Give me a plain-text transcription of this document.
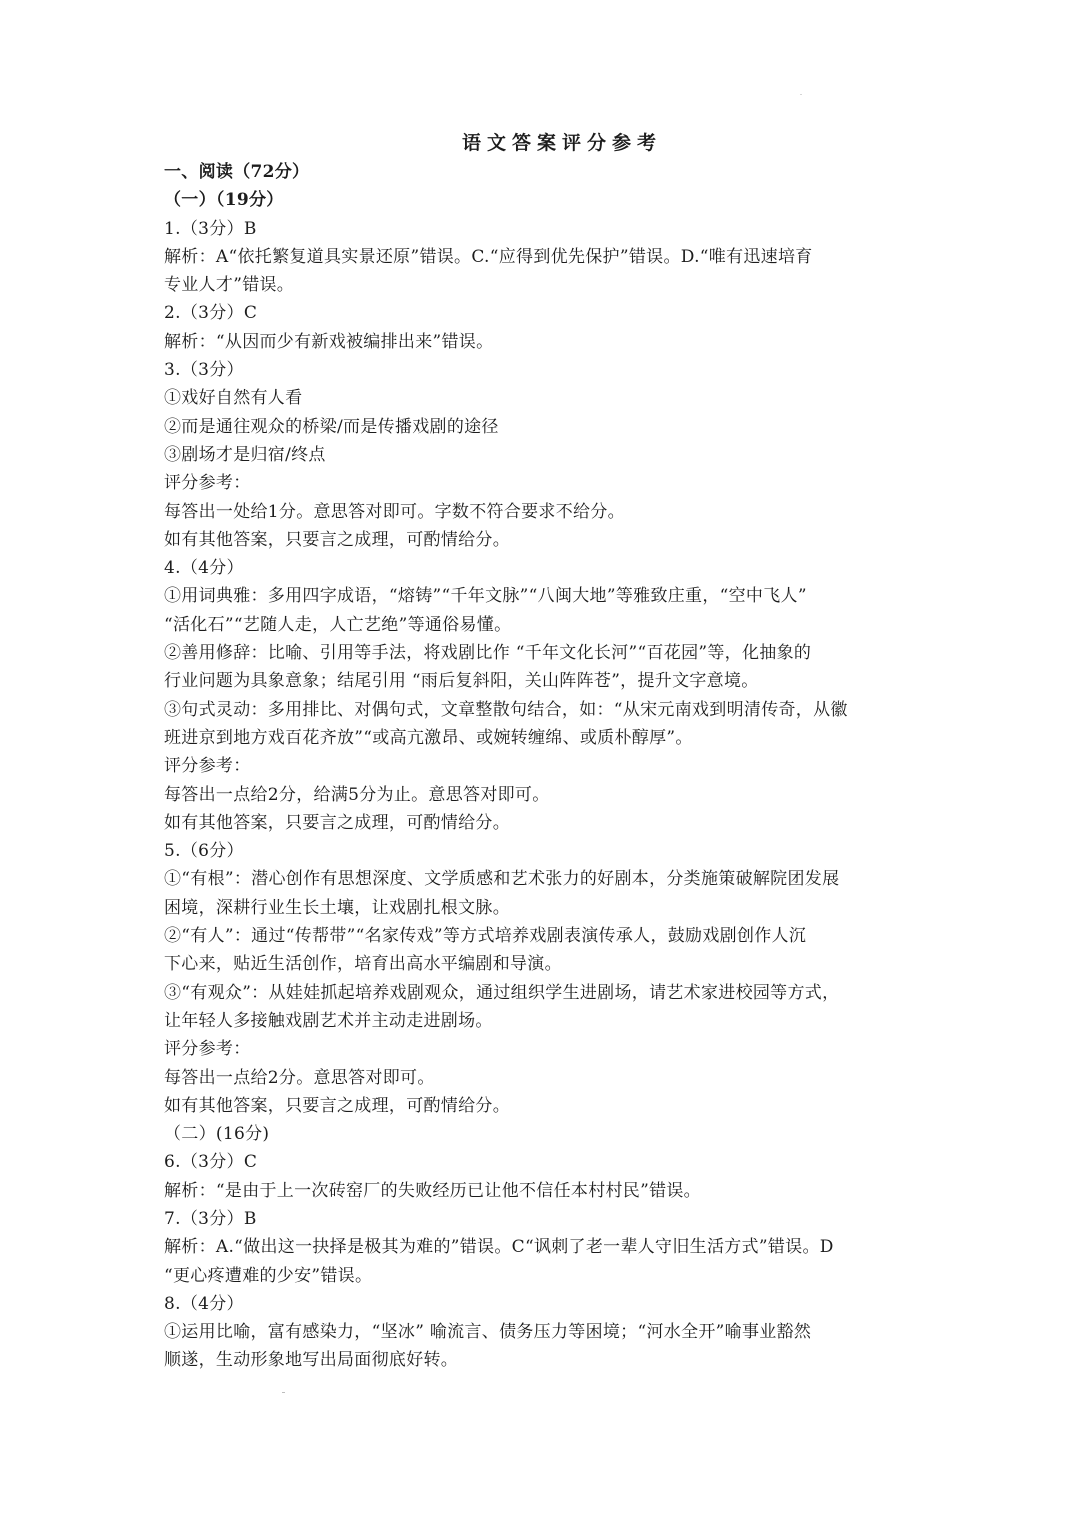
语文答案评分参考
一、阅读（72分）
（一）（19分）
1.（3分）B
解析：A“依托繁复道具实景还原”错误。C.“应得到优先保护”错误。D.“唯有迅速培育
专业人才”错误。
2.（3分）C
解析：“从因而少有新戏被编排出来”错误。
3.（3分）
①戏好自然有人看
②而是通往观众的桥梁/而是传播戏剧的途径
③剧场才是归宿/终点
评分参考：
每答出一处给1分。意思答对即可。字数不符合要求不给分。
如有其他答案，只要言之成理，可酌情给分。
4.（4分）
①用词典雅：多用四字成语，“熔铸”“千年文脉”“八闽大地”等雅致庄重，“空中飞人”
“活化石”“艺随人走，人亡艺绝”等通俗易懂。
②善用修辞：比喻、引用等手法，将戏剧比作 “千年文化长河”“百花园”等，化抽象的
行业问题为具象意象；结尾引用 “雨后复斜阳，关山阵阵苍”，提升文字意境。
③句式灵动：多用排比、对偶句式，文章整散句结合，如：“从宋元南戏到明清传奇，从徽
班进京到地方戏百花齐放”“或高亢激昂、或婉转缠绵、或质朴醇厚”。
评分参考：
每答出一点给2分，给满5分为止。意思答对即可。
如有其他答案，只要言之成理，可酌情给分。
5.（6分）
①“有根”：潜心创作有思想深度、文学质感和艺术张力的好剧本，分类施策破解院团发展
困境，深耕行业生长土壤，让戏剧扎根文脉。
②“有人”：通过“传帮带”“名家传戏”等方式培养戏剧表演传承人，鼓励戏剧创作人沉
下心来，贴近生活创作，培育出高水平编剧和导演。
③“有观众”：从娃娃抓起培养戏剧观众，通过组织学生进剧场，请艺术家进校园等方式，
让年轻人多接触戏剧艺术并主动走进剧场。
评分参考：
每答出一点给2分。意思答对即可。
如有其他答案，只要言之成理，可酌情给分。
（二）(16分)
6.（3分）C
解析：“是由于上一次砖窑厂的失败经历已让他不信任本村村民”错误。
7.（3分）B
解析：A.“做出这一抉择是极其为难的”错误。C“讽刺了老一辈人守旧生活方式”错误。D
“更心疼遭难的少安”错误。
8.（4分）
①运用比喻，富有感染力，“坚冰” 喻流言、债务压力等困境；“河水全开”喻事业豁然
顺遂，生动形象地写出局面彻底好转。
